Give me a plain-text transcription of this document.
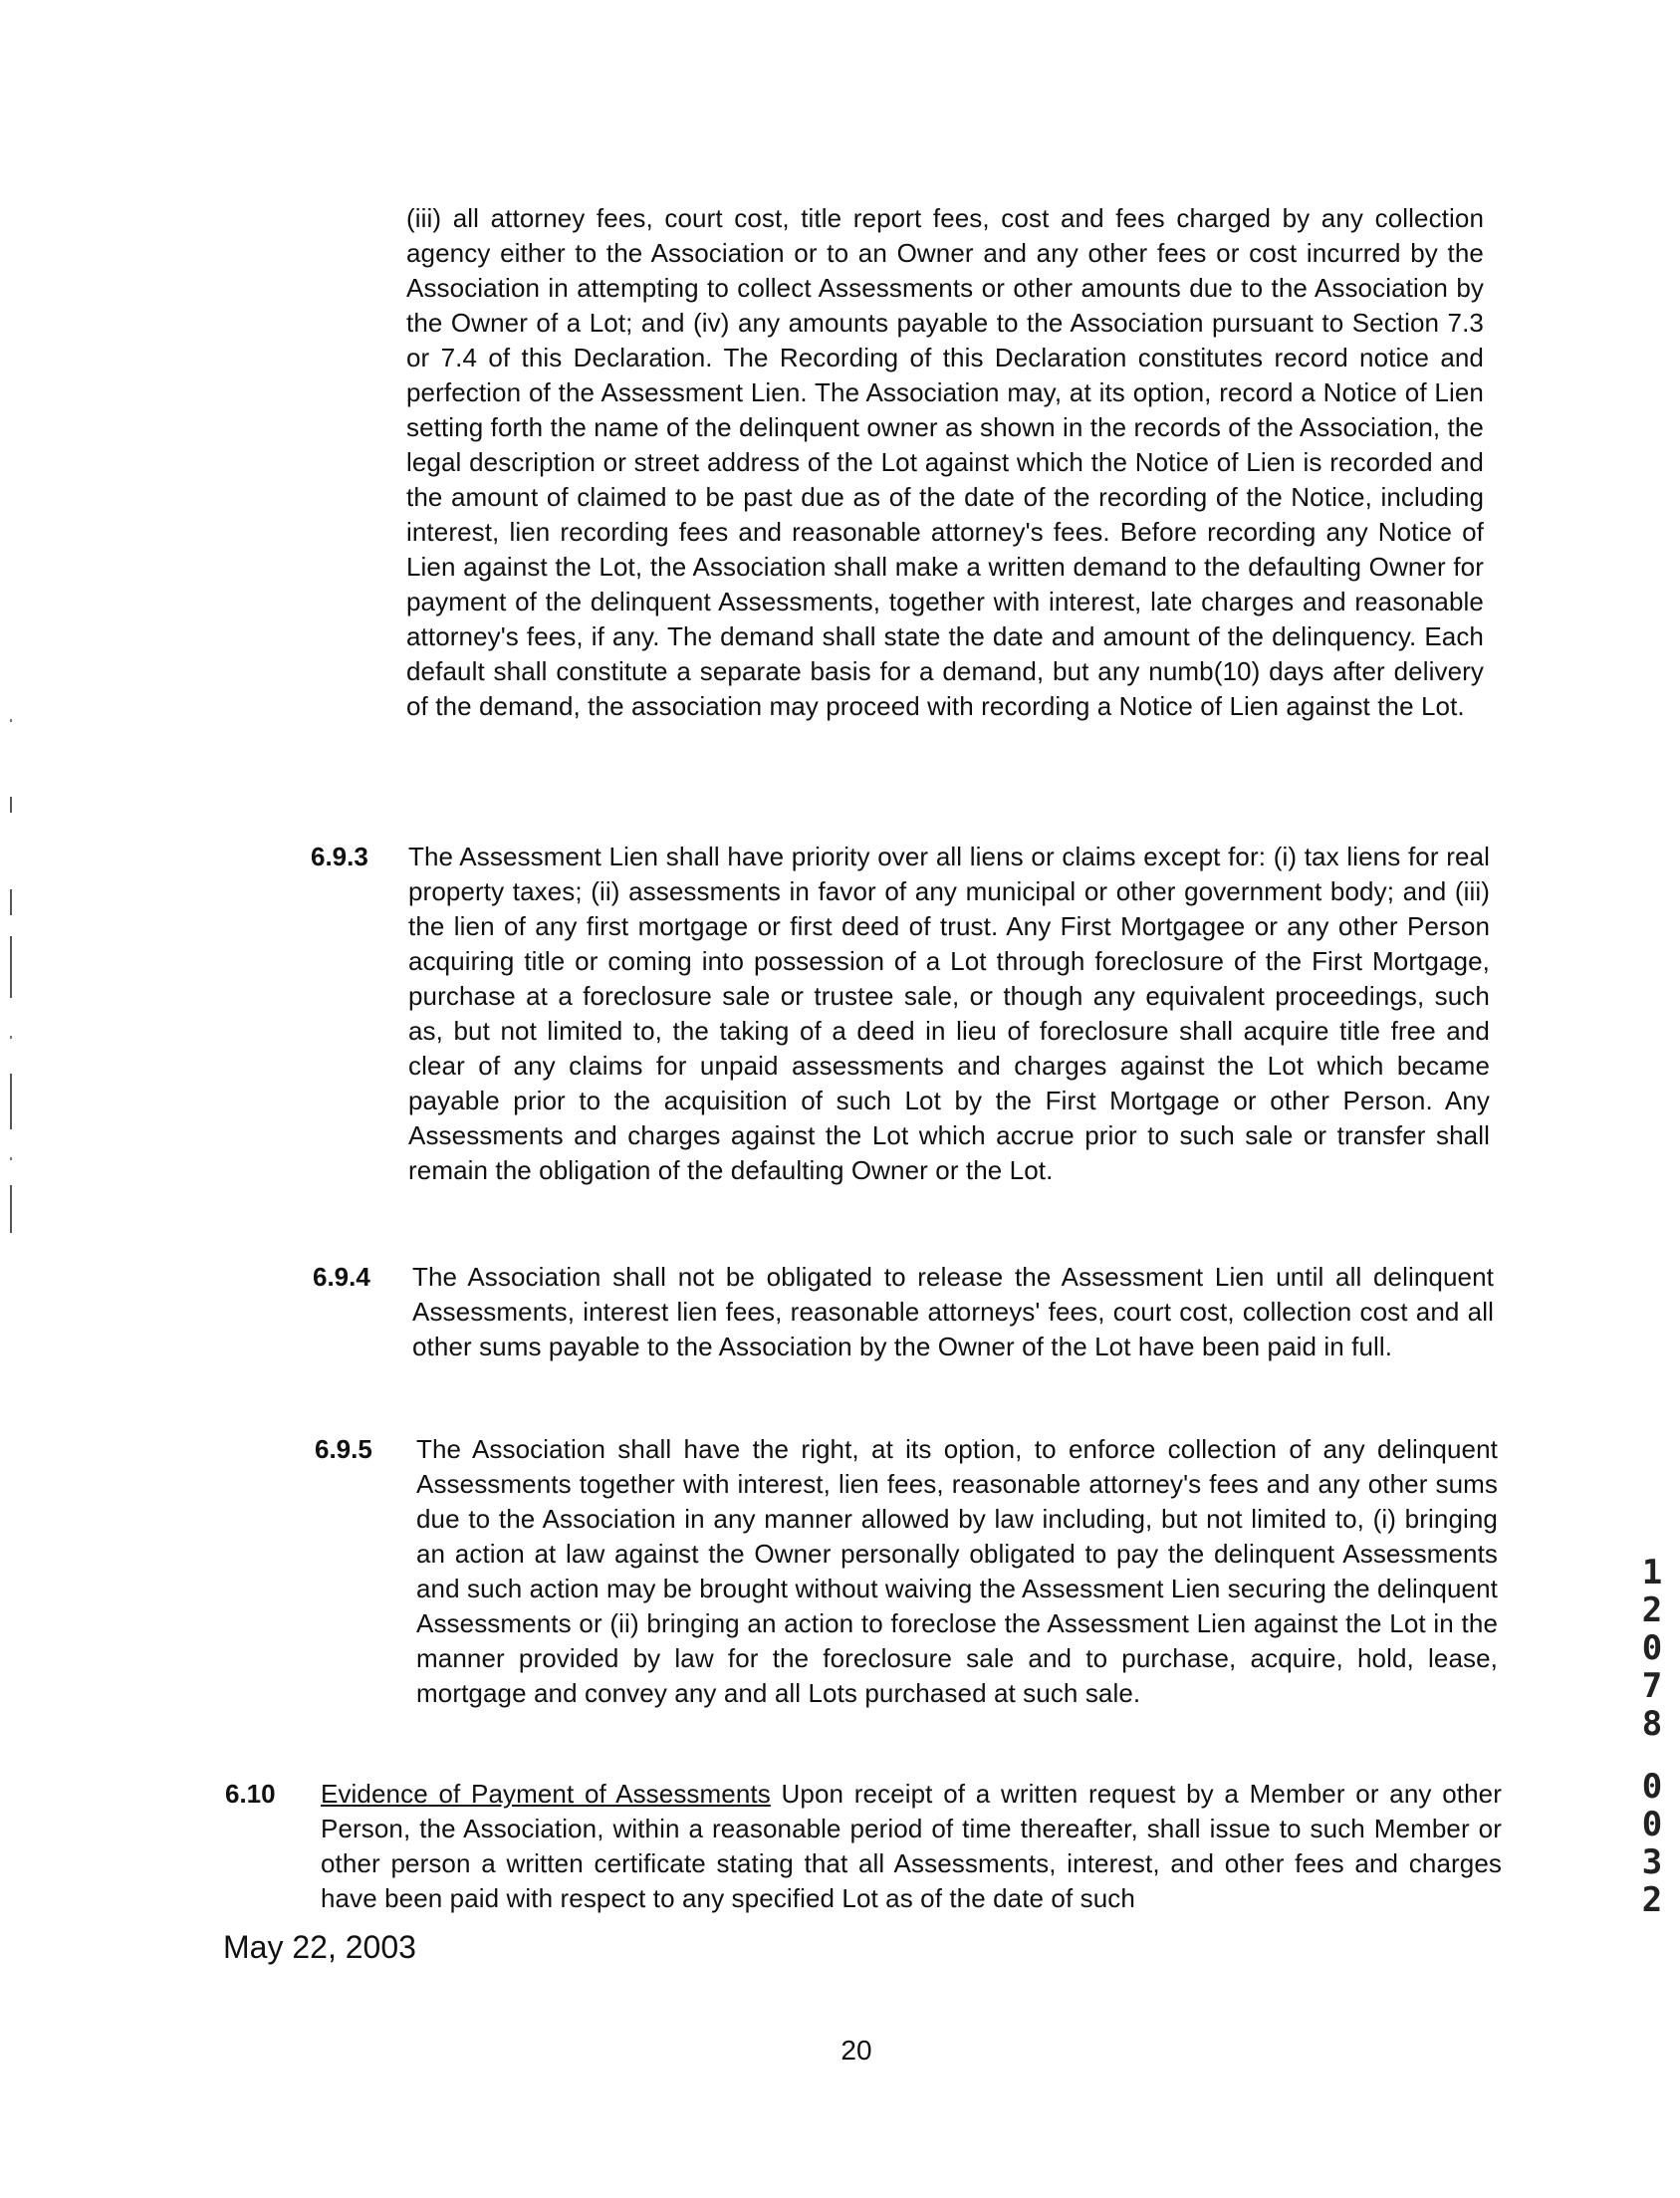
(iii) all attorney fees, court cost, title report fees, cost and fees charged by any collection agency either to the Association or to an Owner and any other fees or cost incurred by the Association in attempting to collect Assessments or other amounts due to the Association by the Owner of a Lot; and (iv) any amounts payable to the Association pursuant to Section 7.3 or 7.4 of this Declaration. The Recording of this Declaration constitutes record notice and perfection of the Assessment Lien. The Association may, at its option, record a Notice of Lien setting forth the name of the delinquent owner as shown in the records of the Association, the legal description or street address of the Lot against which the Notice of Lien is recorded and the amount of claimed to be past due as of the date of the recording of the Notice, including interest, lien recording fees and reasonable attorney's fees. Before recording any Notice of Lien against the Lot, the Association shall make a written demand to the defaulting Owner for payment of the delinquent Assessments, together with interest, late charges and reasonable attorney's fees, if any. The demand shall state the date and amount of the delinquency. Each default shall constitute a separate basis for a demand, but any numb(10) days after delivery of the demand, the association may proceed with recording a Notice of Lien against the Lot.
6.9.3 The Assessment Lien shall have priority over all liens or claims except for: (i) tax liens for real property taxes; (ii) assessments in favor of any municipal or other government body; and (iii) the lien of any first mortgage or first deed of trust. Any First Mortgagee or any other Person acquiring title or coming into possession of a Lot through foreclosure of the First Mortgage, purchase at a foreclosure sale or trustee sale, or though any equivalent proceedings, such as, but not limited to, the taking of a deed in lieu of foreclosure shall acquire title free and clear of any claims for unpaid assessments and charges against the Lot which became payable prior to the acquisition of such Lot by the First Mortgage or other Person. Any Assessments and charges against the Lot which accrue prior to such sale or transfer shall remain the obligation of the defaulting Owner or the Lot.
6.9.4 The Association shall not be obligated to release the Assessment Lien until all delinquent Assessments, interest lien fees, reasonable attorneys' fees, court cost, collection cost and all other sums payable to the Association by the Owner of the Lot have been paid in full.
6.9.5 The Association shall have the right, at its option, to enforce collection of any delinquent Assessments together with interest, lien fees, reasonable attorney's fees and any other sums due to the Association in any manner allowed by law including, but not limited to, (i) bringing an action at law against the Owner personally obligated to pay the delinquent Assessments and such action may be brought without waiving the Assessment Lien securing the delinquent Assessments or (ii) bringing an action to foreclose the Assessment Lien against the Lot in the manner provided by law for the foreclosure sale and to purchase, acquire, hold, lease, mortgage and convey any and all Lots purchased at such sale.
6.10 Evidence of Payment of Assessments Upon receipt of a written request by a Member or any other Person, the Association, within a reasonable period of time thereafter, shall issue to such Member or other person a written certificate stating that all Assessments, interest, and other fees and charges have been paid with respect to any specified Lot as of the date of such
1
2
0
7
8
0
0
3
2
May 22, 2003
20
